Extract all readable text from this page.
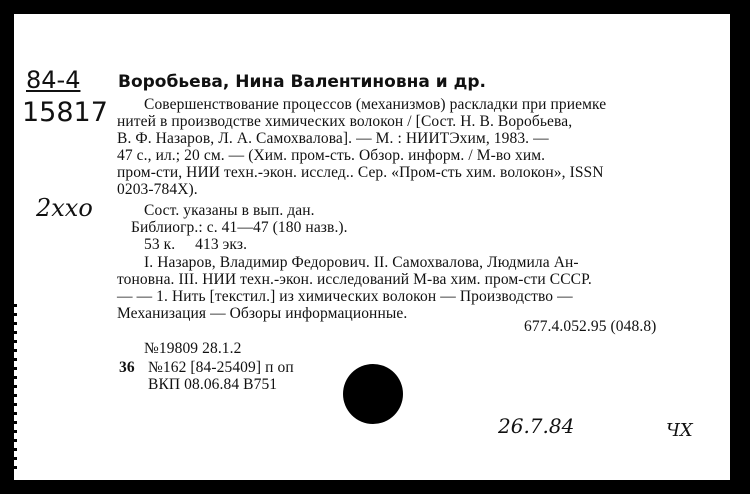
84-4
15817
Воробьева, Нина Валентиновна и др.
Совершенствование процессов (механизмов) раскладки при приемке
нитей в производстве химических волокон / [Сост. Н. В. Воробьева,
В. Ф. Назаров, Л. А. Самохвалова]. — М. : НИИТЭхим, 1983. —
47 с., ил.; 20 см. — (Хим. пром-сть. Обзор. информ. / М-во хим.
пром-сти, НИИ техн.-экон. исслед.. Сер. «Пром-сть хим. волокон», ISSN
0203-784X).
2xxo	Сост. указаны в вып. дан.
Библиогр.: с. 41—47 (180 назв.).
53 к.     413 экз.
I. Назаров, Владимир Федорович. II. Самохвалова, Людмила Ан-
тоновна. III. НИИ техн.-экон. исследований М-ва хим. пром-сти СССР.
— — 1. Нить [текстил.] из химических волокон — Производство —
Механизация — Обзоры информационные.
677.4.052.95 (048.8)
№19809 28.1.2
36 №162 [84-25409] п оп
ВКП 08.06.84 В751
26.7.84	ЧХ
